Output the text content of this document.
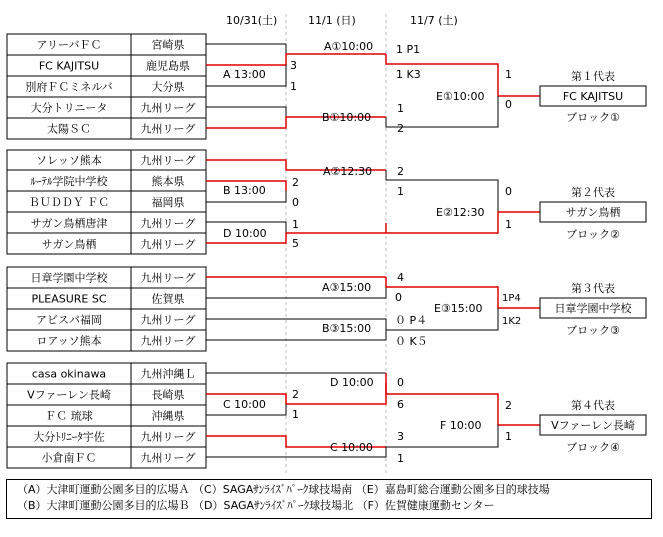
10/31(土)	11/1 (日)	11/7 (土)
アリーバＦＣ	宮崎県
FC KAJITSU	鹿児島県
別府ＦＣミネルバ	大分県
大分トリニータ	九州リーグ
太陽ＳＣ	九州リーグ
A 13:00
3
1
A①10:00 1 P1
1 K3
B①10:00
1
2
E①10:00
1
0
第１代表
FC KAJITSU
ブロック①
ソレッソ熊本	九州リーグ
ﾙｰﾃﾙ学院中学校	熊本県
ＢＵＤＤＹ ＦＣ	福岡県
サガン鳥栖唐津	九州リーグ
サガン鳥栖	九州リーグ
B 13:00
2
0
A②12:30 2
1
D 10:00
1
5
E②12:30
0
1
第２代表
サガン鳥栖
ブロック②
日章学園中学校	九州リーグ
PLEASURE SC	佐賀県
アビスパ福岡	九州リーグ
ロアッソ熊本	九州リーグ
A③15:00
4
0
B③15:00
０ P４
０ K５
E③15:00
1P4
1K2
第３代表
日章学園中学校
ブロック③
casa okinawa	九州沖縄Ｌ
Vファーレン長崎	長崎県
ＦＣ 琉球	沖縄県
大分ﾄﾘﾆｰﾀ宇佐	九州リーグ
小倉南ＦＣ	九州リーグ
C 10:00
2
1
D 10:00 0
6
C 10:00
3
1
F 10:00
2
1
第４代表
Vファーレン長崎
ブロック④
（A）大津町運動公園多目的広場Ａ （C）SAGAｻﾝﾗｲｽﾞﾊﾟｰｸ球技場南 （E）嘉島町総合運動公園多目的球技場
（B）大津町運動公園多目的広場Ｂ （D）SAGAｻﾝﾗｲｽﾞﾊﾟｰｸ球技場北 （F）佐賀健康運動センター
